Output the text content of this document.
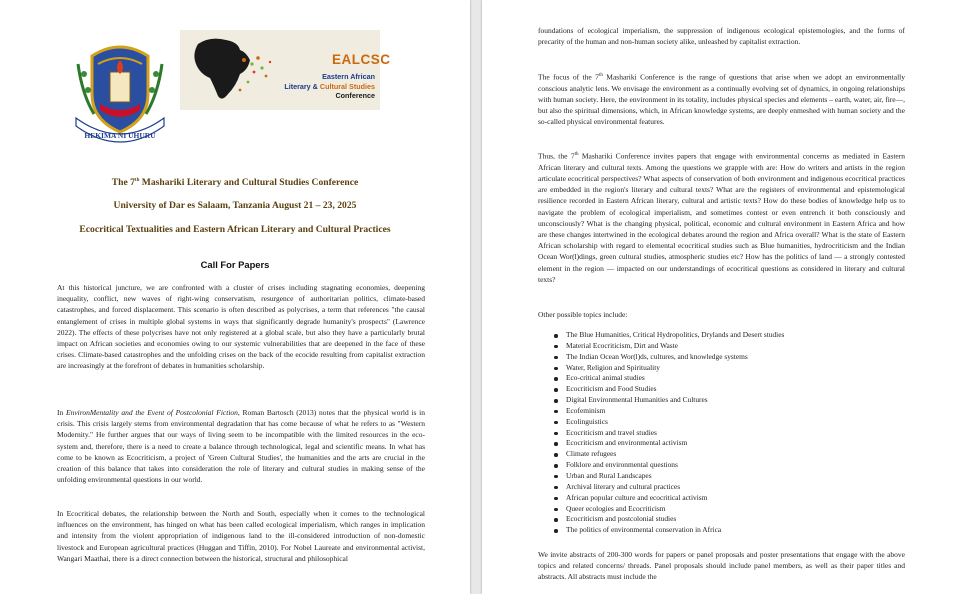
HEKIMA NI UHURU
EALCSC
Eastern African
Literary & Cultural Studies
Conference
The 7th Mashariki Literary and Cultural Studies Conference
University of Dar es Salaam, Tanzania August 21 – 23, 2025
Ecocritical Textualities and Eastern African Literary and Cultural Practices
Call For Papers

At this historical juncture, we are confronted with a cluster of crises including stagnating economies, deepening inequality, conflict, new waves of right-wing conservatism, resurgence of authoritarian politics, climate-based catastrophes, and forced displacement. This scenario is often described as polycrises, a term that references "the causal entanglement of crises in multiple global systems in ways that significantly degrade humanity's prospects" (Lawrence 2022). The effects of these polycrises have not only registered at a global scale, but also they have a particularly brutal impact on African societies and economies owing to our systemic vulnerabilities that are deepened in the face of these crises. Climate-based catastrophes and the unfolding crises on the back of the ecocide resulting from capitalist extraction are increasingly at the forefront of debates in humanities scholarship.

In EnvironMentality and the Event of Postcolonial Fiction, Roman Bartosch (2013) notes that the physical world is in crisis. This crisis largely stems from environmental degradation that has come because of what he refers to as "Western Modernity." He further argues that our ways of living seem to be incompatible with the limited resources in the eco-system and, therefore, there is a need to create a balance through technological, legal and scientific means. In what has come to be known as Ecocriticism, a project of 'Green Cultural Studies', the humanities and the arts are crucial in the creation of this balance that takes into consideration the role of literary and cultural studies in making sense of the unfolding environmental questions in our world.

In Ecocritical debates, the relationship between the North and South, especially when it comes to the technological influences on the environment, has hinged on what has been called ecological imperialism, which ranges in implication and intensity from the violent appropriation of indigenous land to the ill-considered introduction of non-domestic livestock and European agricultural practices (Huggan and Tiffin, 2010). For Nobel Laureate and environmental activist, Wangari Maathai, there is a direct connection between the historical, structural and philosophical

foundations of ecological imperialism, the suppression of indigenous ecological epistemologies, and the forms of precarity of the human and non-human society alike, unleashed by capitalist extraction.

The focus of the 7th Mashariki Conference is the range of questions that arise when we adopt an environmentally conscious analytic lens. We envisage the environment as a continually evolving set of dynamics, in ongoing relationships with human society. Here, the environment in its totality, includes physical species and elements – earth, water, air, fire—, but also the spiritual dimensions, which, in African knowledge systems, are deeply enmeshed with human society and the so-called physical environmental features.

Thus, the 7th Mashariki Conference invites papers that engage with environmental concerns as mediated in Eastern African literary and cultural texts. Among the questions we grapple with are: How do writers and artists in the region articulate ecocritical perspectives? What aspects of conservation of both environment and indigenous ecocritical practices are embedded in the region's literary and cultural texts? What are the registers of environmental and epistemological resilience recorded in Eastern African literary, cultural and artistic texts? How do these bodies of knowledge help us to navigate the problem of ecological imperialism, and sometimes contest or even entrench it both consciously and unconsciously? What is the changing physical, political, economic and cultural environment in Eastern Africa and how are these changes intertwined in the ecological debates around the region and Africa overall? What is the state of Eastern African scholarship with regard to elemental ecocritical studies such as Blue humanities, hydrocriticism and the Indian Ocean Wor(l)dings, green cultural studies, atmospheric studies etc? How has the politics of land — a strongly contested element in the region — impacted on our understandings of ecocritical questions as considered in literary and cultural texts?

Other possible topics include:

The Blue Humanities, Critical Hydropolitics, Drylands and Desert studies
Material Ecocriticism, Dirt and Waste
The Indian Ocean Wor(l)ds, cultures, and knowledge systems
Water, Religion and Spirituality
Eco-critical animal studies
Ecocriticism and Food Studies
Digital Environmental Humanities and Cultures
Ecofeminism
Ecolinguistics
Ecocriticism and travel studies
Ecocriticism and environmental activism
Climate refugees
Folklore and environmental questions
Urban and Rural Landscapes
Archival literary and cultural practices
African popular culture and ecocritical activism
Queer ecologies and Ecocriticism
Ecocriticism and postcolonial studies
The politics of environmental conservation in Africa

We invite abstracts of 200-300 words for papers or panel proposals and poster presentations that engage with the above topics and related concerns/ threads. Panel proposals should include panel members, as well as their paper titles and abstracts. All abstracts must include the
